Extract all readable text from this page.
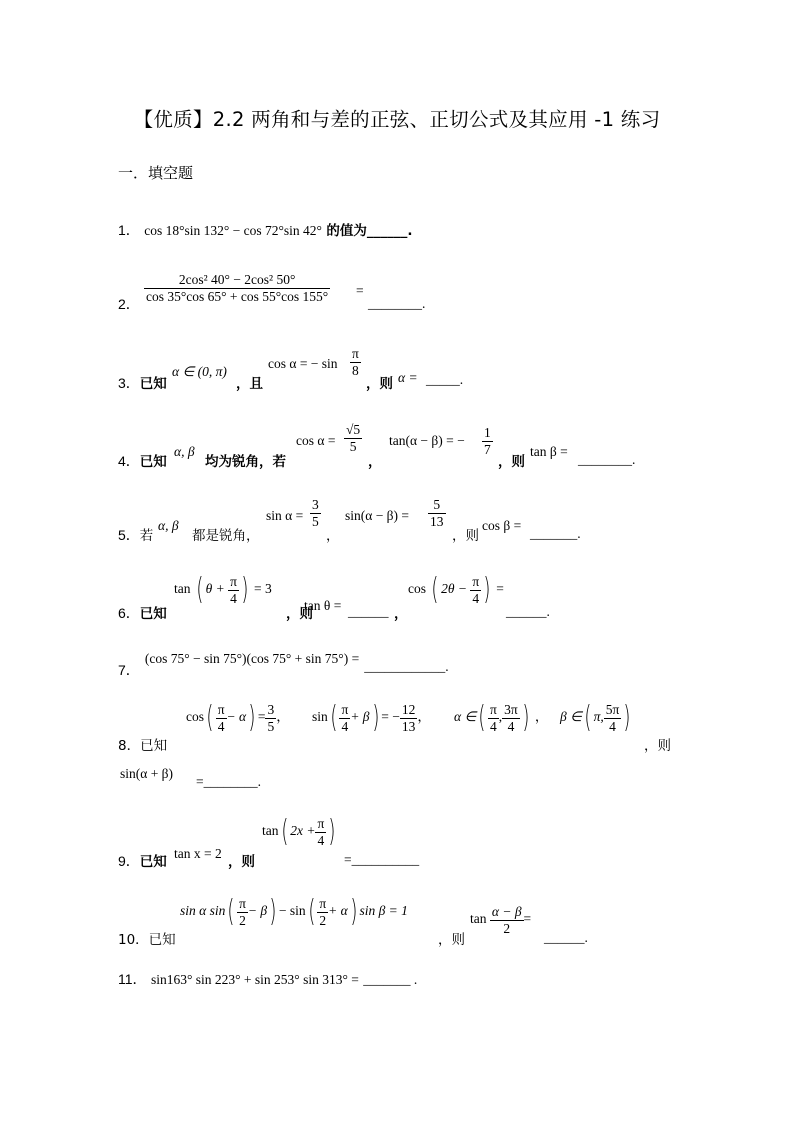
【优质】2.2 两角和与差的正弦、正切公式及其应用 -1 练习
一．填空题
1． cos 18°sin 132° − cos 72°sin 42° 的值为______.
2． $\frac{\text{2cos² 40° − 2cos² 50°}}{\cos 35^\circ\cos 65^\circ + \cos 55^\circ\cos 155^\circ}$ =
________.
3．已知
α ∈ (0, π)
，且
cos α = − $\sin \frac{\pi}{8}$
，则 α = _____.
4．已知
α, β
均为锐角，若
$\cos \alpha = \frac{√5}{5}$
，
tan(α − β) = − $\frac{1}{7}$
，则
tan β =
________.
5．若
α, β
都是锐角，
$\sin \alpha = \frac{3}{5}$
，
$\sin(\alpha - \beta) = \frac{5}{13}$
，则
cos β =
_______.
6．已知
tan ( $\theta + \frac{\pi}{4}$ ) = 3
，则
tan θ = ______ ，
cos ( $2\theta - \frac{\pi}{4}$ ) =
______.
7． (cos 75° − sin 75°)(cos 75° + sin 75°) = $_{\_\_\_\_\_\_\_\_\_\_\_\_.}$
8．已知
$\cos( \frac{\pi}{4} - \alpha) = \frac{3}{5}$ ， $\sin( \frac{\pi}{4} + \beta)$ = − $\frac{12}{13}$ ， α ∈( $\frac{\pi}{4}$ , $\frac{3\pi}{4}$ ) ， β ∈( π, $\frac{5\pi}{4}$ )
，则
sin(α + β)
=________.
9．已知
tan x = 2
，则
tan( $2x + \frac{\pi}{4}$ )
=__________
10．已知
sin α $\sin( \frac{\pi}{2} - \beta) - \sin( \frac{\pi}{2} + \alpha)$ sin β = 1
，则
$\tan \frac{\alpha - \beta}{2}$ =
______.
11． sin163° sin 223° + sin 253° sin 313° = _______ .
